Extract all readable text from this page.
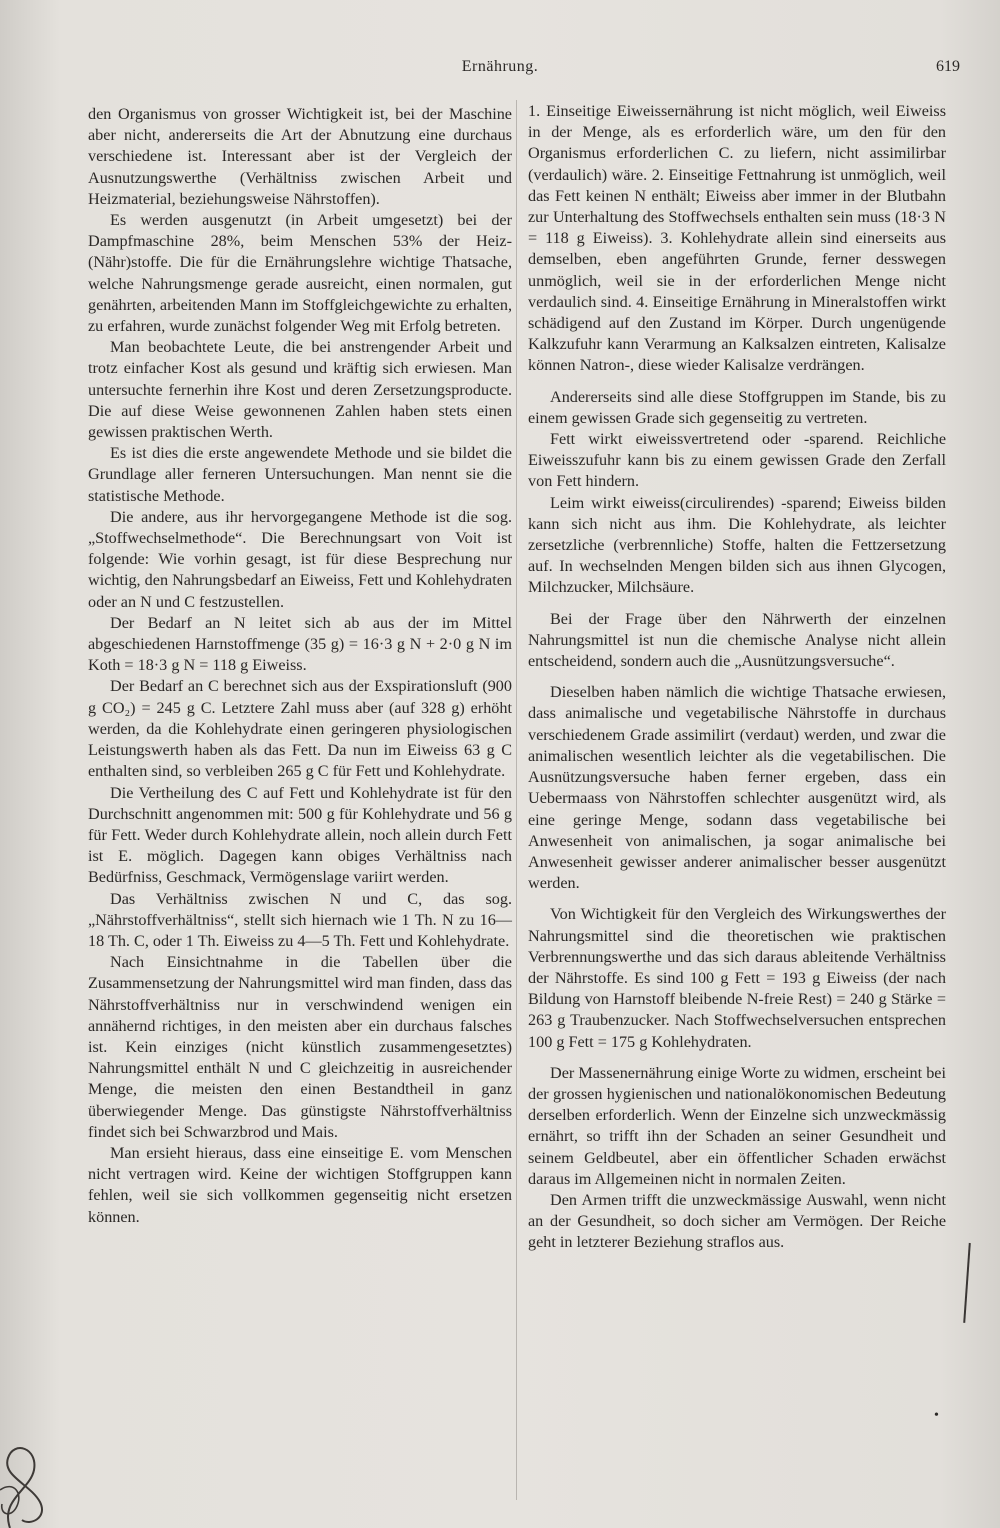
Ernährung.	619

den Organismus von grosser Wichtigkeit ist, bei der Maschine aber nicht, andererseits die Art der Abnutzung eine durchaus verschiedene ist. Interessant aber ist der Vergleich der Ausnutzungswerthe (Verhältniss zwischen Arbeit und Heizmaterial, beziehungsweise Nährstoffen).

Es werden ausgenutzt (in Arbeit umgesetzt) bei der Dampfmaschine 28%, beim Menschen 53% der Heiz-(Nähr)stoffe. Die für die Ernährungslehre wichtige Thatsache, welche Nahrungsmenge gerade ausreicht, einen normalen, gut genährten, arbeitenden Mann im Stoffgleichgewichte zu erhalten, zu erfahren, wurde zunächst folgender Weg mit Erfolg betreten.

Man beobachtete Leute, die bei anstrengender Arbeit und trotz einfacher Kost als gesund und kräftig sich erwiesen. Man untersuchte fernerhin ihre Kost und deren Zersetzungsproducte. Die auf diese Weise gewonnenen Zahlen haben stets einen gewissen praktischen Werth.

Es ist dies die erste angewendete Methode und sie bildet die Grundlage aller ferneren Untersuchungen. Man nennt sie die statistische Methode.

Die andere, aus ihr hervorgegangene Methode ist die sog. „Stoffwechselmethode“. Die Berechnungsart von Voit ist folgende: Wie vorhin gesagt, ist für diese Besprechung nur wichtig, den Nahrungsbedarf an Eiweiss, Fett und Kohlehydraten oder an N und C festzustellen.

Der Bedarf an N leitet sich ab aus der im Mittel abgeschiedenen Harnstoffmenge (35 g) = 16·3 g N + 2·0 g N im Koth = 18·3 g N = 118 g Eiweiss.

Der Bedarf an C berechnet sich aus der Exspirationsluft (900 g CO₂) = 245 g C. Letztere Zahl muss aber (auf 328 g) erhöht werden, da die Kohlehydrate einen geringeren physiologischen Leistungswerth haben als das Fett. Da nun im Eiweiss 63 g C enthalten sind, so verbleiben 265 g C für Fett und Kohlehydrate.

Die Vertheilung des C auf Fett und Kohlehydrate ist für den Durchschnitt angenommen mit: 500 g für Kohlehydrate und 56 g für Fett. Weder durch Kohlehydrate allein, noch allein durch Fett ist E. möglich. Dagegen kann obiges Verhältniss nach Bedürfniss, Geschmack, Vermögenslage variirt werden.

Das Verhältniss zwischen N und C, das sog. „Nährstoffverhältniss“, stellt sich hiernach wie 1 Th. N zu 16—18 Th. C, oder 1 Th. Eiweiss zu 4—5 Th. Fett und Kohlehydrate.

Nach Einsichtnahme in die Tabellen über die Zusammensetzung der Nahrungsmittel wird man finden, dass das Nährstoffverhältniss nur in verschwindend wenigen ein annähernd richtiges, in den meisten aber ein durchaus falsches ist. Kein einziges (nicht künstlich zusammengesetztes) Nahrungsmittel enthält N und C gleichzeitig in ausreichender Menge, die meisten den einen Bestandtheil in ganz überwiegender Menge. Das günstigste Nährstoffverhältniss findet sich bei Schwarzbrod und Mais.

Man ersieht hieraus, dass eine einseitige E. vom Menschen nicht vertragen wird. Keine der wichtigen Stoffgruppen kann fehlen, weil sie sich vollkommen gegenseitig nicht ersetzen können.

1. Einseitige Eiweissernährung ist nicht möglich, weil Eiweiss in der Menge, als es erforderlich wäre, um den für den Organismus erforderlichen C. zu liefern, nicht assimilirbar (verdaulich) wäre. 2. Einseitige Fettnahrung ist unmöglich, weil das Fett keinen N enthält; Eiweiss aber immer in der Blutbahn zur Unterhaltung des Stoffwechsels enthalten sein muss (18·3 N = 118 g Eiweiss). 3. Kohlehydrate allein sind einerseits aus demselben, eben angeführten Grunde, ferner desswegen unmöglich, weil sie in der erforderlichen Menge nicht verdaulich sind. 4. Einseitige Ernährung in Mineralstoffen wirkt schädigend auf den Zustand im Körper. Durch ungenügende Kalkzufuhr kann Verarmung an Kalksalzen eintreten, Kalisalze können Natron-, diese wieder Kalisalze verdrängen.

Andererseits sind alle diese Stoffgruppen im Stande, bis zu einem gewissen Grade sich gegenseitig zu vertreten.

Fett wirkt eiweissvertretend oder -sparend. Reichliche Eiweisszufuhr kann bis zu einem gewissen Grade den Zerfall von Fett hindern.

Leim wirkt eiweiss(circulirendes) -sparend; Eiweiss bilden kann sich nicht aus ihm. Die Kohlehydrate, als leichter zersetzliche (verbrennliche) Stoffe, halten die Fettzersetzung auf. In wechselnden Mengen bilden sich aus ihnen Glycogen, Milchzucker, Milchsäure.

Bei der Frage über den Nährwerth der einzelnen Nahrungsmittel ist nun die chemische Analyse nicht allein entscheidend, sondern auch die „Ausnützungsversuche“.

Dieselben haben nämlich die wichtige Thatsache erwiesen, dass animalische und vegetabilische Nährstoffe in durchaus verschiedenem Grade assimilirt (verdaut) werden, und zwar die animalischen wesentlich leichter als die vegetabilischen. Die Ausnützungsversuche haben ferner ergeben, dass ein Uebermaass von Nährstoffen schlechter ausgenützt wird, als eine geringe Menge, sodann dass vegetabilische bei Anwesenheit von animalischen, ja sogar animalische bei Anwesenheit gewisser anderer animalischer besser ausgenützt werden.

Von Wichtigkeit für den Vergleich des Wirkungswerthes der Nahrungsmittel sind die theoretischen wie praktischen Verbrennungswerthe und das sich daraus ableitende Verhältniss der Nährstoffe. Es sind 100 g Fett = 193 g Eiweiss (der nach Bildung von Harnstoff bleibende N-freie Rest) = 240 g Stärke = 263 g Traubenzucker. Nach Stoffwechselversuchen entsprechen 100 g Fett = 175 g Kohlehydraten.

Der Massenernährung einige Worte zu widmen, erscheint bei der grossen hygienischen und nationalökonomischen Bedeutung derselben erforderlich. Wenn der Einzelne sich unzweckmässig ernährt, so trifft ihn der Schaden an seiner Gesundheit und seinem Geldbeutel, aber ein öffentlicher Schaden erwächst daraus im Allgemeinen nicht in normalen Zeiten.

Den Armen trifft die unzweckmässige Auswahl, wenn nicht an der Gesundheit, so doch sicher am Vermögen. Der Reiche geht in letzterer Beziehung straflos aus.

•
